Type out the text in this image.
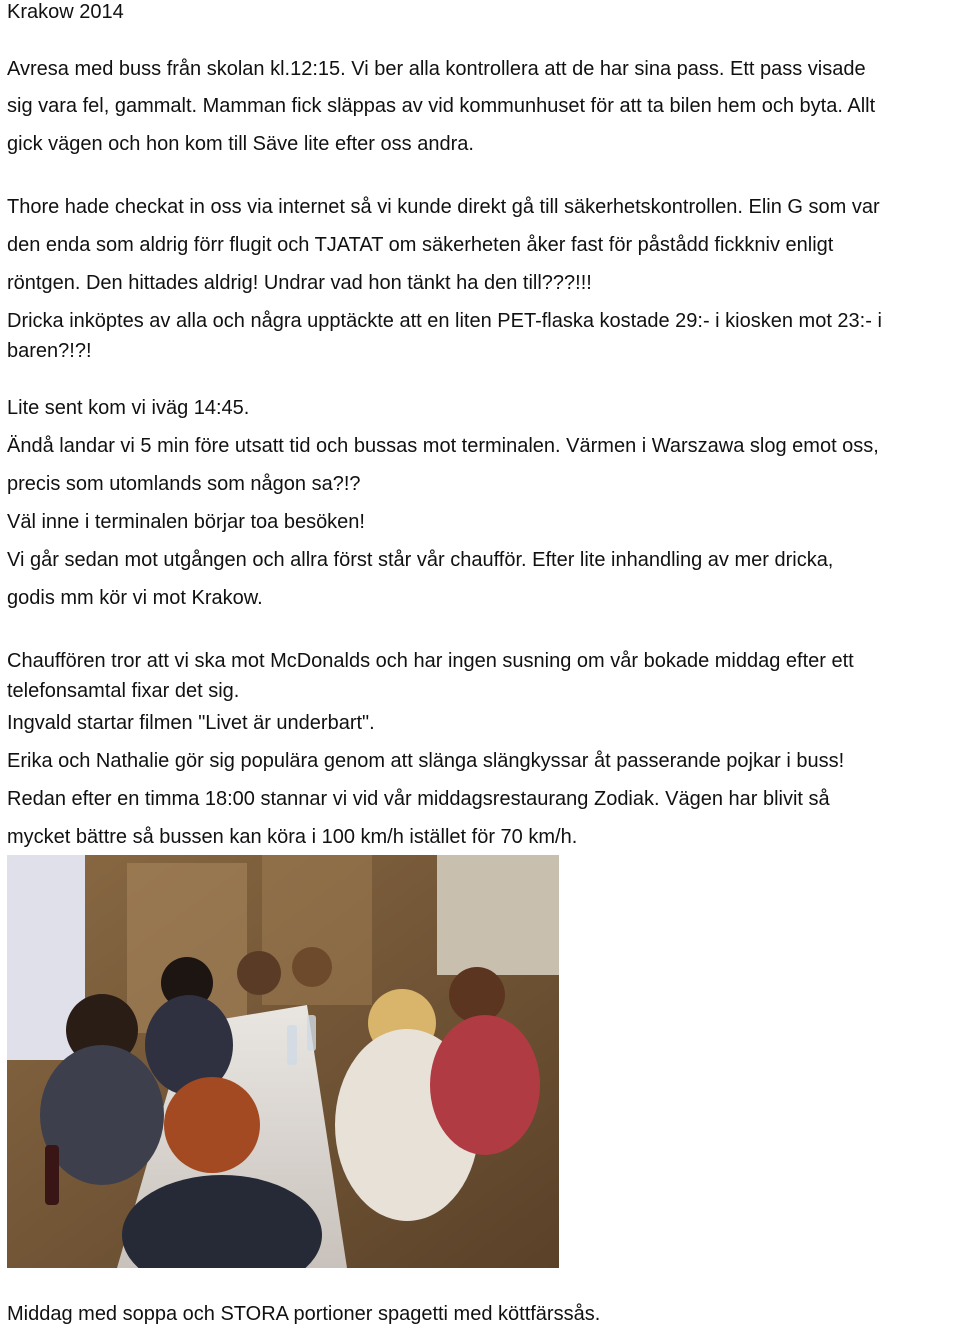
Krakow 2014
Avresa med buss från skolan kl.12:15. Vi ber alla kontrollera att de har sina pass. Ett pass visade
sig vara fel, gammalt. Mamman fick släppas av vid kommunhuset för att ta bilen hem och byta. Allt
gick vägen och hon kom till Säve lite efter oss andra.
Thore hade checkat in oss via internet så vi kunde direkt gå till säkerhetskontrollen. Elin G som var
den enda som aldrig förr flugit och TJATAT om säkerheten åker fast för påstådd fickkniv enligt
röntgen. Den hittades aldrig! Undrar vad hon tänkt ha den till???!!!
Dricka inköptes av alla och några upptäckte att en liten PET-flaska kostade 29:- i kiosken mot 23:- i
baren?!?!
Lite sent kom vi iväg 14:45.
Ändå landar vi 5 min före utsatt tid och bussas mot terminalen. Värmen i Warszawa slog emot oss,
precis som utomlands som någon sa?!?
Väl inne i terminalen börjar toa besöken!
Vi går sedan mot utgången och allra först står vår chaufför. Efter lite inhandling av mer dricka,
godis mm kör vi mot Krakow.
Chauffören tror att vi ska mot McDonalds och har ingen susning om vår bokade middag efter ett
telefonsamtal fixar det sig.
Ingvald startar filmen "Livet är underbart".
Erika och Nathalie gör sig populära genom att slänga slängkyssar åt passerande pojkar i buss!
Redan efter en timma 18:00 stannar vi vid vår middagsrestaurang Zodiak. Vägen har blivit så
mycket bättre så bussen kan köra i 100 km/h istället för 70 km/h.
Middag med soppa och STORA portioner spagetti med köttfärssås.
